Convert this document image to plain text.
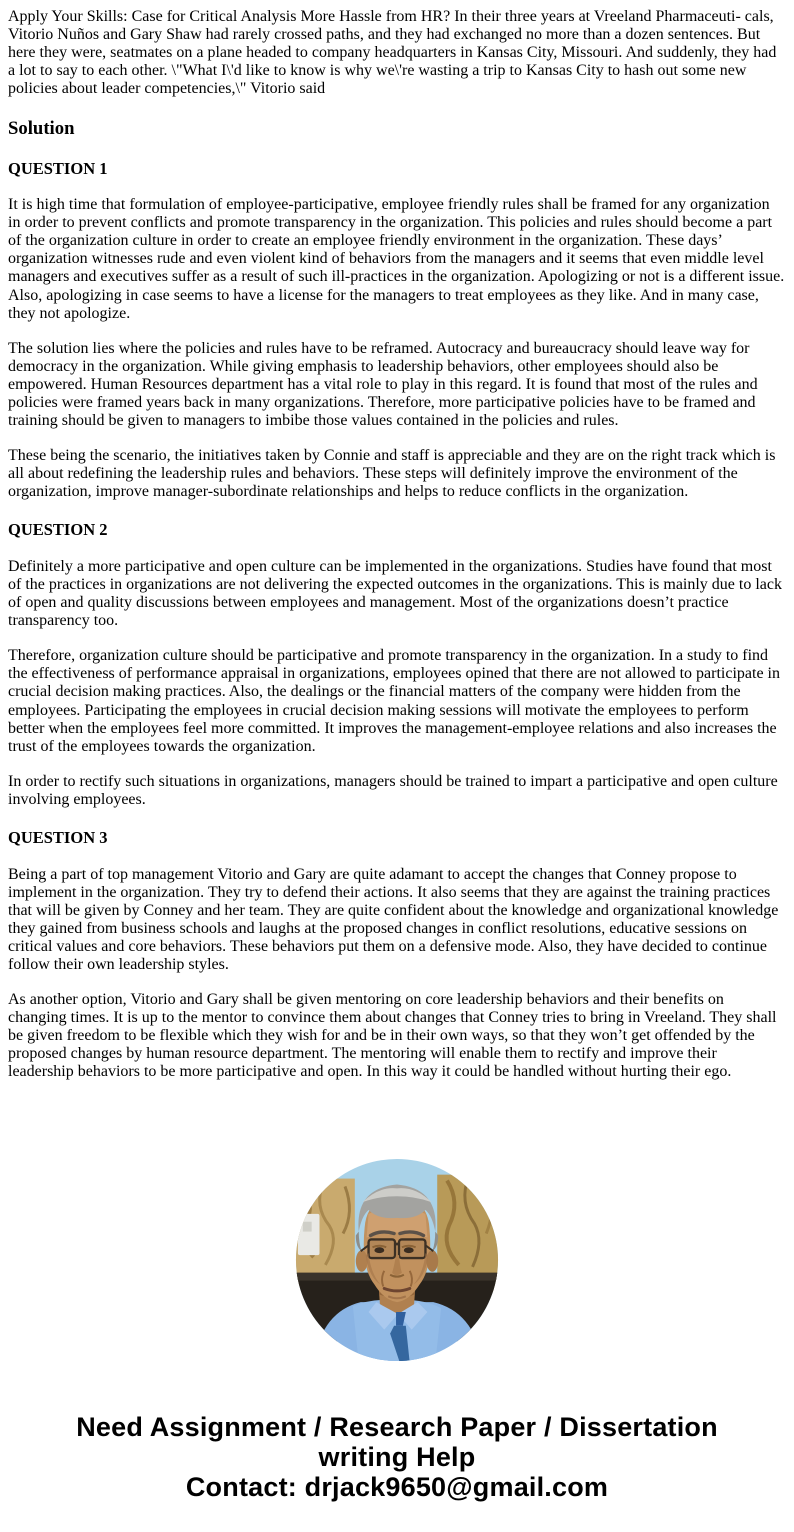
Apply Your Skills: Case for Critical Analysis More Hassle from HR? In their three years at Vreeland Pharmaceuti- cals, Vitorio Nuños and Gary Shaw had rarely crossed paths, and they had exchanged no more than a dozen sentences. But here they were, seatmates on a plane headed to company headquarters in Kansas City, Missouri. And suddenly, they had a lot to say to each other. \"What I\'d like to know is why we\'re wasting a trip to Kansas City to hash out some new policies about leader competencies,\" Vitorio said

Solution
QUESTION 1

It is high time that formulation of employee-participative, employee friendly rules shall be framed for any organization in order to prevent conflicts and promote transparency in the organization. This policies and rules should become a part of the organization culture in order to create an employee friendly environment in the organization. These days’ organization witnesses rude and even violent kind of behaviors from the managers and it seems that even middle level managers and executives suffer as a result of such ill-practices in the organization. Apologizing or not is a different issue. Also, apologizing in case seems to have a license for the managers to treat employees as they like. And in many case, they not apologize.

The solution lies where the policies and rules have to be reframed. Autocracy and bureaucracy should leave way for democracy in the organization. While giving emphasis to leadership behaviors, other employees should also be empowered. Human Resources department has a vital role to play in this regard. It is found that most of the rules and policies were framed years back in many organizations. Therefore, more participative policies have to be framed and training should be given to managers to imbibe those values contained in the policies and rules.

These being the scenario, the initiatives taken by Connie and staff is appreciable and they are on the right track which is all about redefining the leadership rules and behaviors. These steps will definitely improve the environment of the organization, improve manager-subordinate relationships and helps to reduce conflicts in the organization.

QUESTION 2

Definitely a more participative and open culture can be implemented in the organizations. Studies have found that most of the practices in organizations are not delivering the expected outcomes in the organizations. This is mainly due to lack of open and quality discussions between employees and management. Most of the organizations doesn’t practice transparency too.

Therefore, organization culture should be participative and promote transparency in the organization. In a study to find the effectiveness of performance appraisal in organizations, employees opined that there are not allowed to participate in crucial decision making practices. Also, the dealings or the financial matters of the company were hidden from the employees. Participating the employees in crucial decision making sessions will motivate the employees to perform better when the employees feel more committed. It improves the management-employee relations and also increases the trust of the employees towards the organization.

In order to rectify such situations in organizations, managers should be trained to impart a participative and open culture involving employees.

QUESTION 3

Being a part of top management Vitorio and Gary are quite adamant to accept the changes that Conney propose to implement in the organization. They try to defend their actions. It also seems that they are against the training practices that will be given by Conney and her team. They are quite confident about the knowledge and organizational knowledge they gained from business schools and laughs at the proposed changes in conflict resolutions, educative sessions on critical values and core behaviors. These behaviors put them on a defensive mode. Also, they have decided to continue follow their own leadership styles.

As another option, Vitorio and Gary shall be given mentoring on core leadership behaviors and their benefits on changing times. It is up to the mentor to convince them about changes that Conney tries to bring in Vreeland. They shall be given freedom to be flexible which they wish for and be in their own ways, so that they won’t get offended by the proposed changes by human resource department. The mentoring will enable them to rectify and improve their leadership behaviors to be more participative and open. In this way it could be handled without hurting their ego.

Need Assignment / Research Paper / Dissertation
writing Help
Contact: drjack9650@gmail.com
